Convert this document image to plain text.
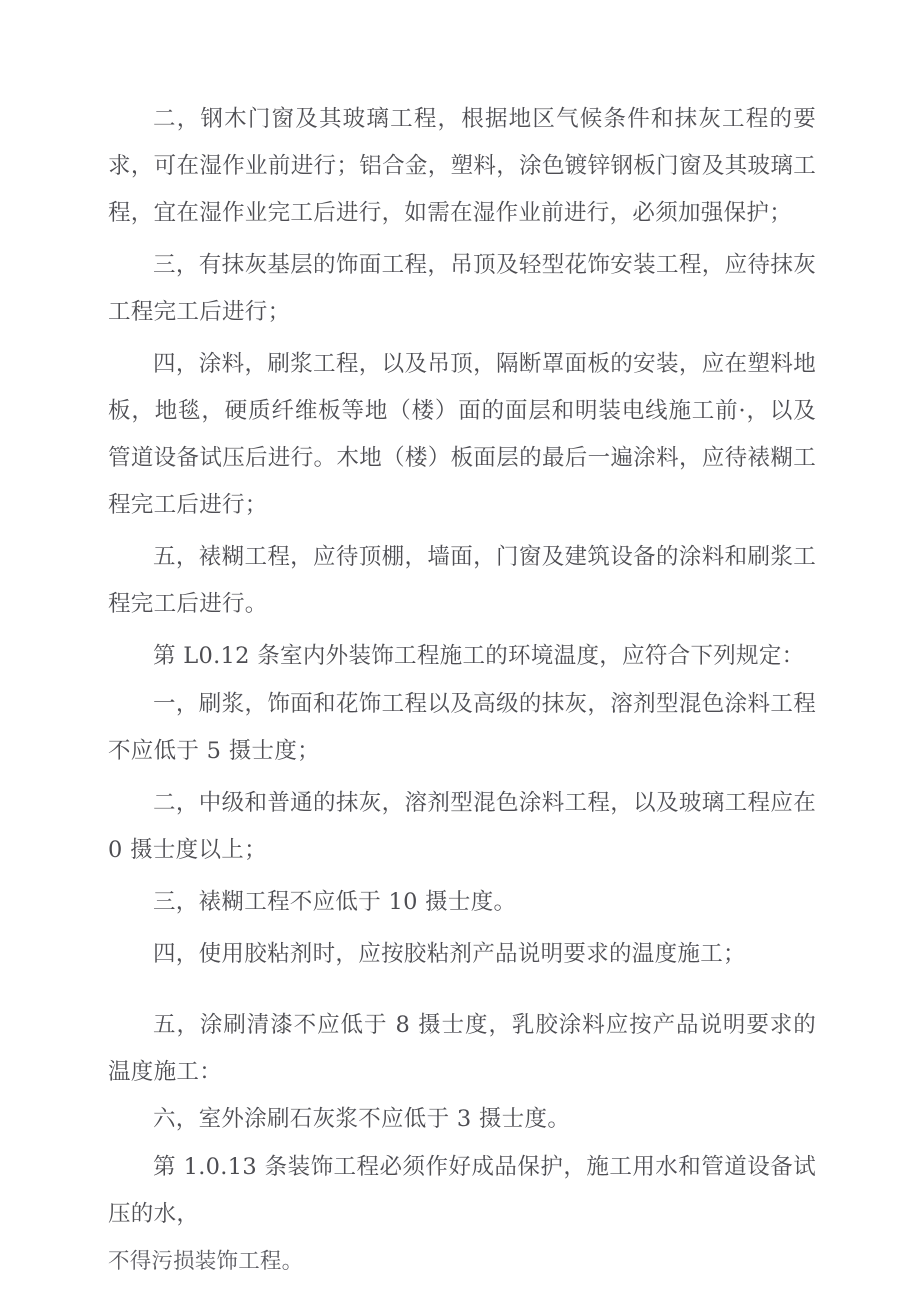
二，钢木门窗及其玻璃工程，根据地区气候条件和抹灰工程的要求，可在湿作业前进行；铝合金，塑料，涂色镀锌钢板门窗及其玻璃工程，宜在湿作业完工后进行，如需在湿作业前进行，必须加强保护；

三，有抹灰基层的饰面工程，吊顶及轻型花饰安装工程，应待抹灰工程完工后进行；

四，涂料，刷浆工程，以及吊顶，隔断罩面板的安装，应在塑料地板，地毯，硬质纤维板等地（楼）面的面层和明装电线施工前·，以及管道设备试压后进行。木地（楼）板面层的最后一遍涂料，应待裱糊工程完工后进行；

五，裱糊工程，应待顶棚，墙面，门窗及建筑设备的涂料和刷浆工程完工后进行。

第 L0.12 条室内外装饰工程施工的环境温度，应符合下列规定：

一，刷浆，饰面和花饰工程以及高级的抹灰，溶剂型混色涂料工程不应低于 5 摄士度；

二，中级和普通的抹灰，溶剂型混色涂料工程，以及玻璃工程应在 0 摄士度以上；

三，裱糊工程不应低于 10 摄士度。

四，使用胶粘剂时，应按胶粘剂产品说明要求的温度施工；

五，涂刷清漆不应低于 8 摄士度，乳胶涂料应按产品说明要求的温度施工：

六，室外涂刷石灰浆不应低于 3 摄士度。

第 1.0.13 条装饰工程必须作好成品保护，施工用水和管道设备试压的水，

不得污损装饰工程。
